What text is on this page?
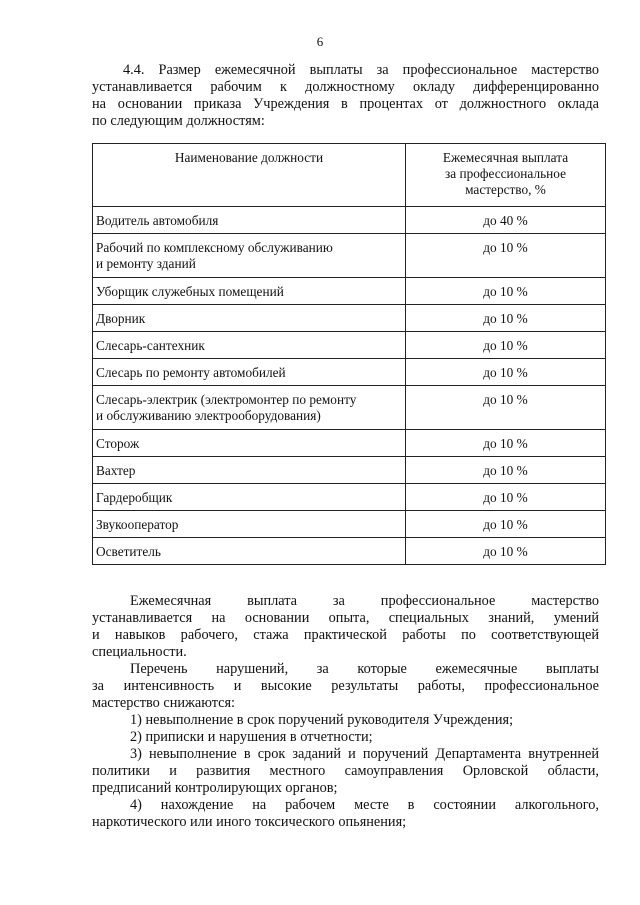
6
4.4. Размер ежемесячной выплаты за профессиональное мастерство
устанавливается рабочим к должностному окладу дифференцированно
на основании приказа Учреждения в процентах от должностного оклада
по следующим должностям:
Наименование должности	Ежемесячная выплата
за профессиональное
мастерство, %

Водитель автомобиля	до 40 %

Рабочий по комплексному обслуживанию
и ремонту зданий	до 10 %
Уборщик служебных помещений	до 10 %
Дворник	до 10 %
Слесарь-сантехник	до 10 %
Слесарь по ремонту автомобилей	до 10 %

Слесарь-электрик (электромонтер по ремонту
и обслуживанию электрооборудования)	до 10 %
Сторож	до 10 %
Вахтер	до 10 %
Гардеробщик	до 10 %
Звукооператор	до 10 %
Осветитель	до 10 %
Ежемесячная выплата за профессиональное мастерство
устанавливается на основании опыта, специальных знаний, умений
и навыков рабочего, стажа практической работы по соответствующей
специальности.
Перечень нарушений, за которые ежемесячные выплаты
за интенсивность и высокие результаты работы, профессиональное
мастерство снижаются:
1) невыполнение в срок поручений руководителя Учреждения;
2) приписки и нарушения в отчетности;
3) невыполнение в срок заданий и поручений Департамента внутренней
политики и развития местного самоуправления Орловской области,
предписаний контролирующих органов;
4) нахождение на рабочем месте в состоянии алкогольного,
наркотического или иного токсического опьянения;
